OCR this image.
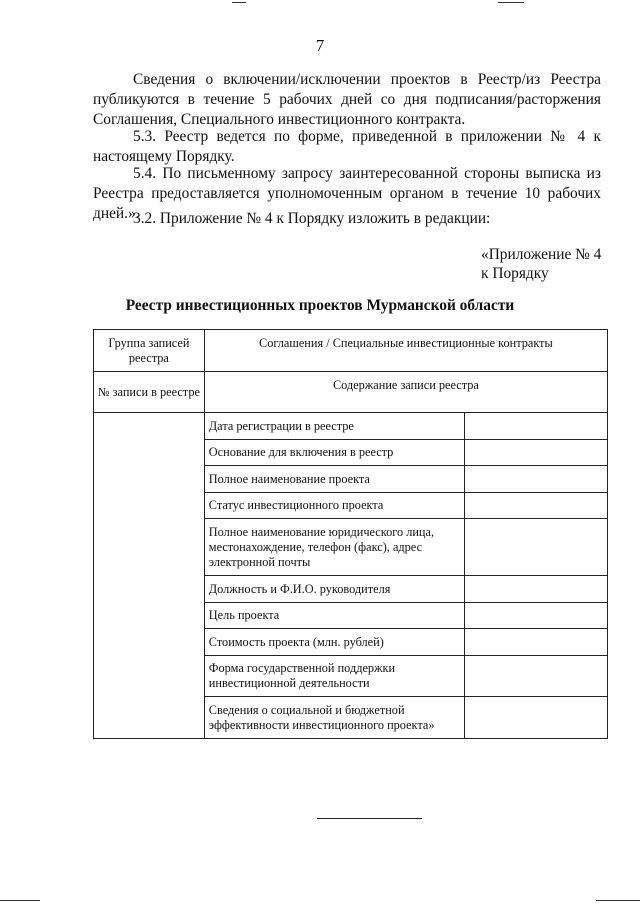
7

Сведения о включении/исключении проектов в Реестр/из Реестра публикуются в течение 5 рабочих дней со дня подписания/расторжения Соглашения, Специального инвестиционного контракта.

5.3. Реестр ведется по форме, приведенной в приложении № 4 к настоящему Порядку.

5.4. По письменному запросу заинтересованной стороны выписка из Реестра предоставляется уполномоченным органом в течение 10 рабочих дней.».

3.2. Приложение № 4 к Порядку изложить в редакции:

«Приложение № 4
к Порядку
Реестр инвестиционных проектов Мурманской области
Группа записей реестра	Соглашения / Специальные инвестиционные контракты	
№ записи в реестре	Содержание записи реестра	
	Дата регистрации в реестре	
	Основание для включения в реестр	
	Полное наименование проекта	
	Статус инвестиционного проекта	
	Полное наименование юридического лица, местонахождение, телефон (факс), адрес электронной почты	
	Должность и Ф.И.О. руководителя	
	Цель проекта	
	Стоимость проекта (млн. рублей)	
	Форма государственной поддержки инвестиционной деятельности	
	Сведения о социальной и бюджетной эффективности инвестиционного проекта»	
